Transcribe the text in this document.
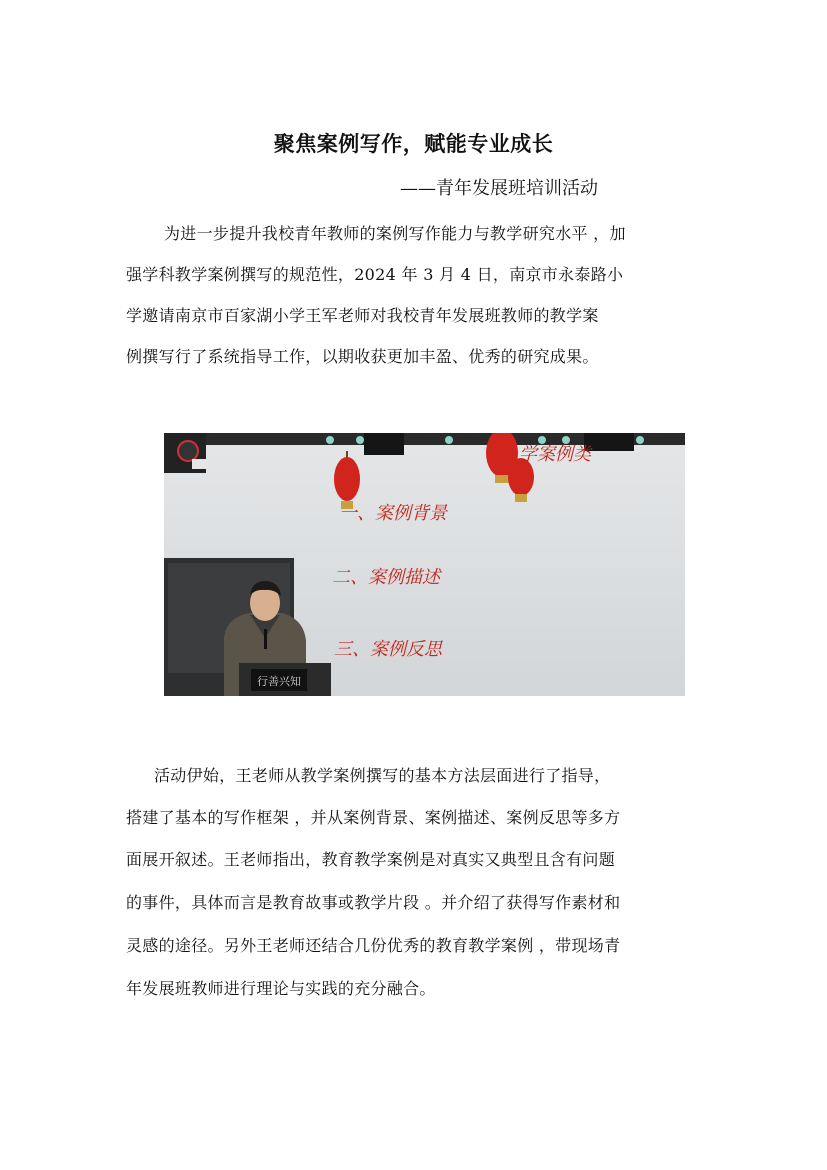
聚焦案例写作，赋能专业成长
——青年发展班培训活动
为进一步提升我校青年教师的案例写作能力与教学研究水平 ，加
强学科教学案例撰写的规范性，2024 年 3 月 4 日，南京市永泰路小
学邀请南京市百家湖小学王军老师对我校青年发展班教师的教学案
例撰写行了系统指导工作，以期收获更加丰盈、优秀的研究成果。
学案例类
一、案例背景
二、案例描述
三、案例反思
行善兴知
活动伊始，王老师从教学案例撰写的基本方法层面进行了指导，
搭建了基本的写作框架 ，并从案例背景、案例描述、案例反思等多方
面展开叙述。王老师指出，教育教学案例是对真实又典型且含有问题
的事件，具体而言是教育故事或教学片段 。并介绍了获得写作素材和
灵感的途径。另外王老师还结合几份优秀的教育教学案例 ，带现场青
年发展班教师进行理论与实践的充分融合。
